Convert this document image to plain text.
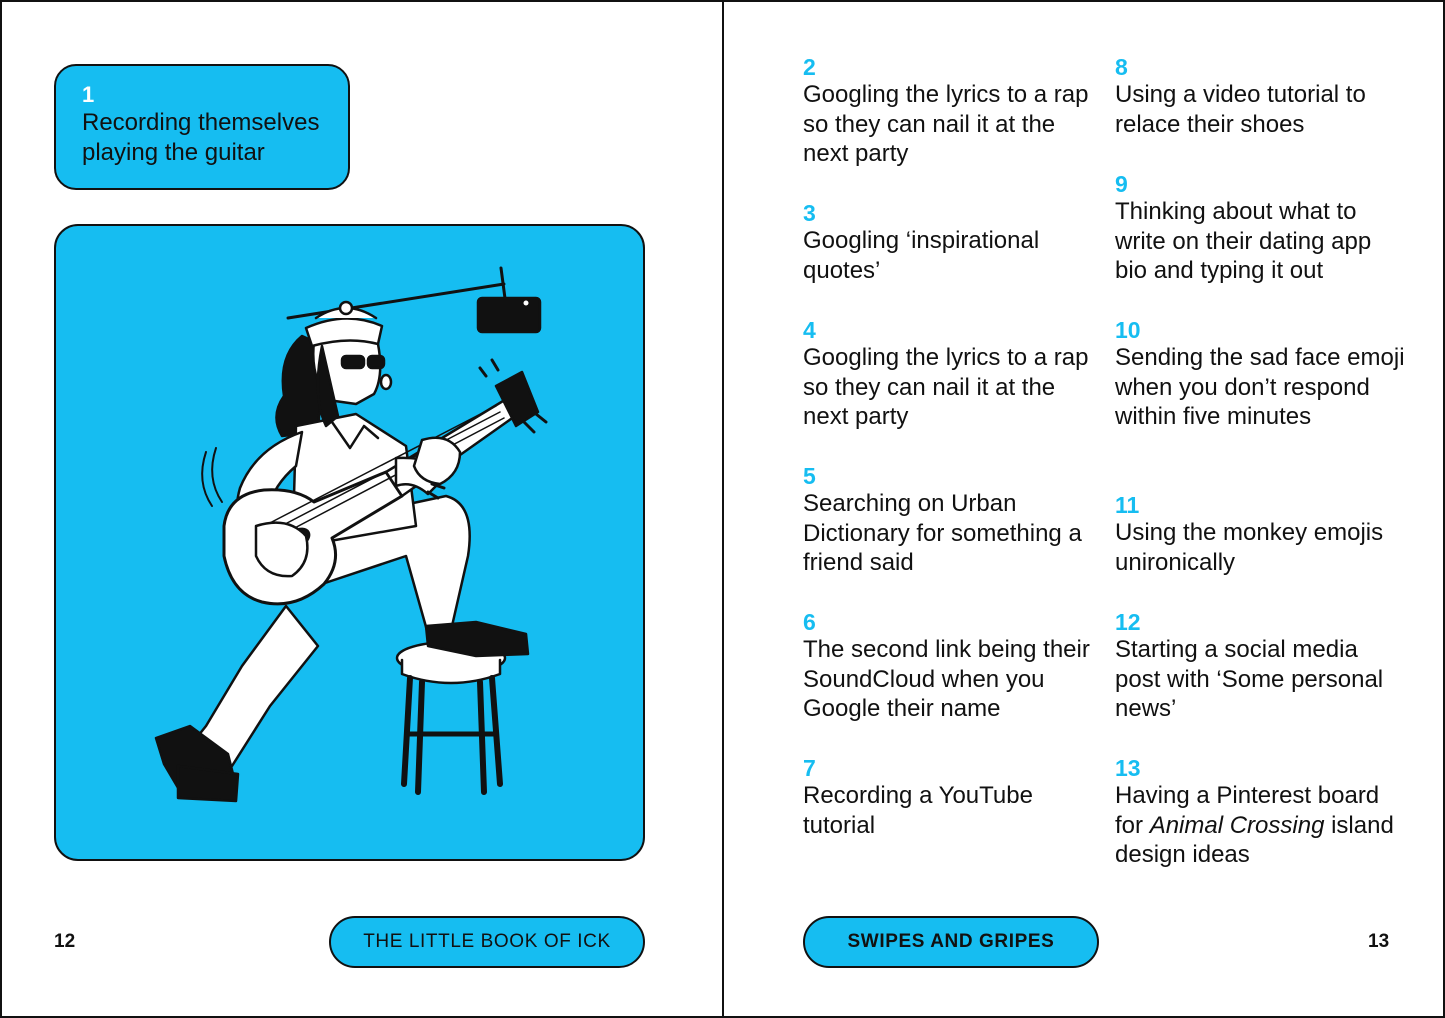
1
Recording themselves playing the guitar
12	THE LITTLE BOOK OF ICK
2
Googling the lyrics to a rap so they can nail it at the next party
3
Googling ‘inspirational quotes’
4
Googling the lyrics to a rap so they can nail it at the next party
5
Searching on Urban Dictionary for something a friend said
6
The second link being their SoundCloud when you Google their name
7
Recording a YouTube tutorial
8
Using a video tutorial to relace their shoes
9
Thinking about what to write on their dating app bio and typing it out
10
Sending the sad face emoji when you don’t respond within five minutes
11
Using the monkey emojis unironically
12
Starting a social media post with ‘Some personal news’
13
Having a Pinterest board for Animal Crossing island design ideas
SWIPES AND GRIPES	13
